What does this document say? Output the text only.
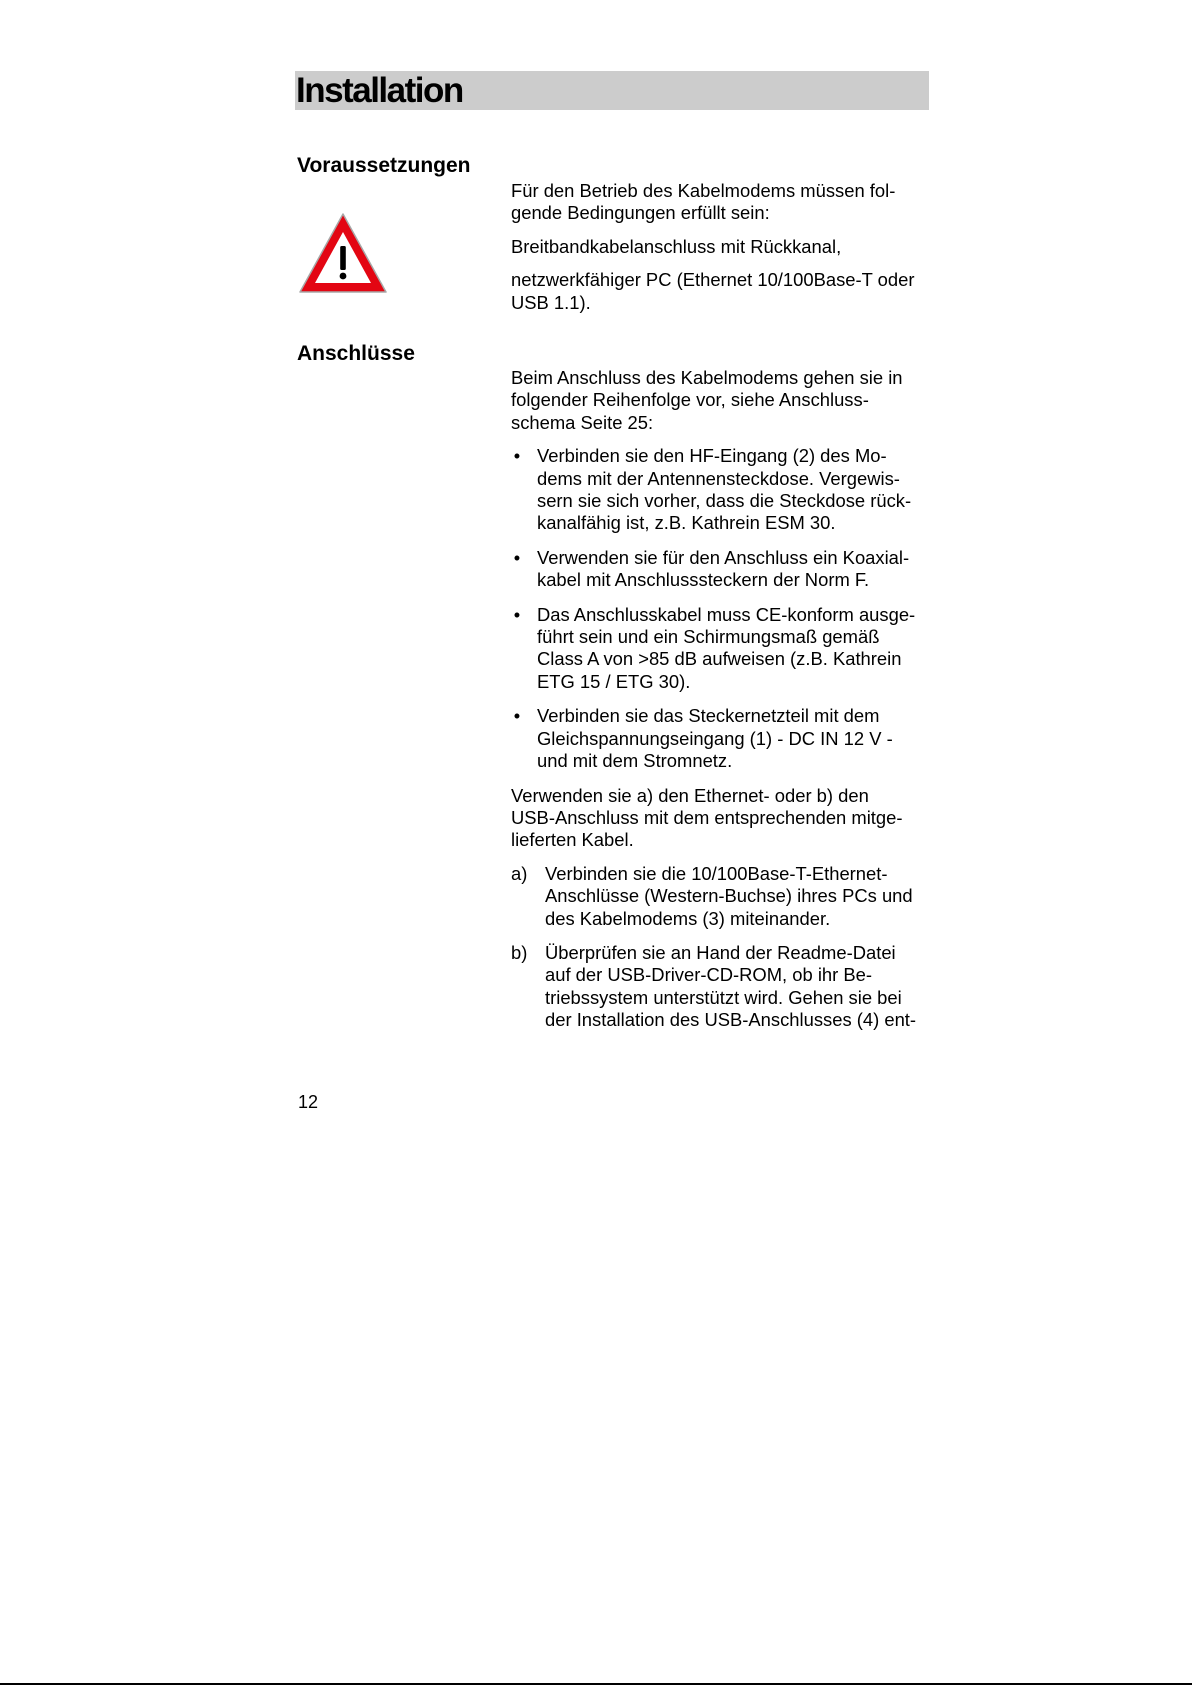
Installation
Voraussetzungen

Für den Betrieb des Kabelmodems müssen fol-
gende Bedingungen erfüllt sein:

Breitbandkabelanschluss mit Rückkanal,

netzwerkfähiger PC (Ethernet 10/100Base-T oder
USB 1.1).

Anschlüsse

Beim Anschluss des Kabelmodems gehen sie in
folgender Reihenfolge vor, siehe Anschluss-
schema Seite 25:

• Verbinden sie den HF-Eingang (2) des Mo-
dems mit der Antennensteckdose. Vergewis-
sern sie sich vorher, dass die Steckdose rück-
kanalfähig ist, z.B. Kathrein ESM 30.
• Verwenden sie für den Anschluss ein Koaxial-
kabel mit Anschlusssteckern der Norm F.
• Das Anschlusskabel muss CE-konform ausge-
führt sein und ein Schirmungsmaß gemäß
Class A von >85 dB aufweisen (z.B. Kathrein
ETG 15 / ETG 30).
• Verbinden sie das Steckernetzteil mit dem
Gleichspannungseingang (1) - DC IN 12 V -
und mit dem Stromnetz.

Verwenden sie a) den Ethernet- oder b) den
USB-Anschluss mit dem entsprechenden mitge-
lieferten Kabel.

a) Verbinden sie die 10/100Base-T-Ethernet-
Anschlüsse (Western-Buchse) ihres PCs und
des Kabelmodems (3) miteinander.
b) Überprüfen sie an Hand der Readme-Datei
auf der USB-Driver-CD-ROM, ob ihr Be-
triebssystem unterstützt wird. Gehen sie bei
der Installation des USB-Anschlusses (4) ent-
12
